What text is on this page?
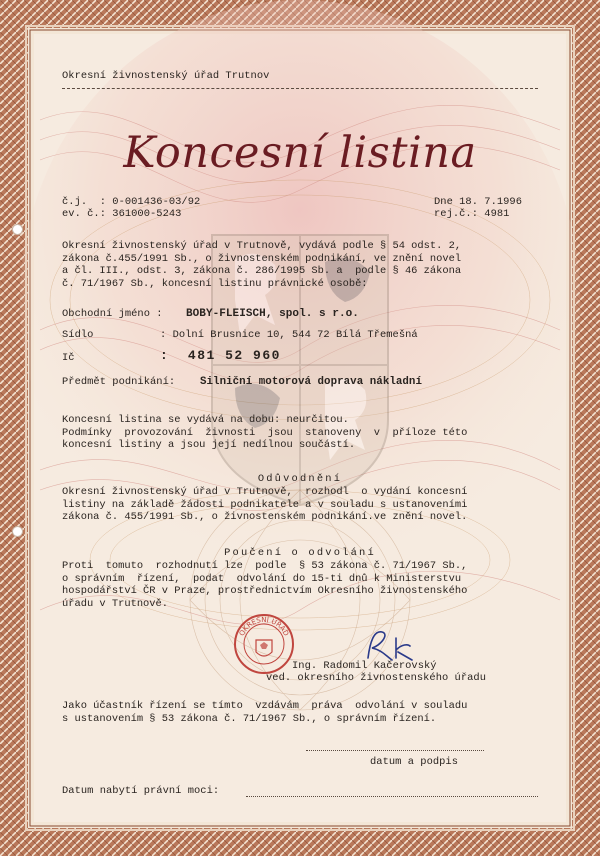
Okresní živnostenský úřad Trutnov
Koncesní listina
č.j.  : 0-001436-03/92
ev. č.: 361000-5243
Dne 18. 7.1996
rej.č.: 4981
Okresní živnostenský úřad v Trutnově, vydává podle § 54 odst. 2,
zákona č.455/1991 Sb., o živnostenském podnikání, ve znění novel
a čl. III., odst. 3, zákona č. 286/1995 Sb. a  podle § 46 zákona
č. 71/1967 Sb., koncesní listinu právnické osobě:
Obchodní jméno : BOBY-FLEISCH, spol. s r.o.
Sídlo	: Dolní Brusnice 10, 544 72 Bílá Třemešná
Ič	:  481 52 960
Předmět podnikání: Silniční motorová doprava nákladní
Koncesní listina se vydává na dobu: neurčitou.
Podmínky  provozování  živnosti  jsou  stanoveny  v  příloze této
koncesní listiny a jsou její nedílnou součástí.
Odůvodnění
Okresní živnostenský úřad v Trutnově,  rozhodl  o vydání koncesní
listiny na základě žádosti podnikatele a v souladu s ustanoveními
zákona č. 455/1991 Sb., o živnostenském podnikání.ve znění novel.
Poučení o odvolání
Proti  tomuto  rozhodnutí lze  podle  § 53 zákona č. 71/1967 Sb.,
o správním  řízení,  podat  odvolání do 15-ti dnů k Ministerstvu
hospodářství ČR v Praze, prostřednictvím Okresního živnostenského
úřadu v Trutnově.
OKRESNÍ ÚŘAD
Ing. Radomil Kačerovský
ved. okresního živnostenského úřadu
Jako účastník řízení se tímto  vzdávám  práva  odvolání v souladu
s ustanovením § 53 zákona č. 71/1967 Sb., o správním řízení.
datum a podpis
Datum nabytí právní moci:
